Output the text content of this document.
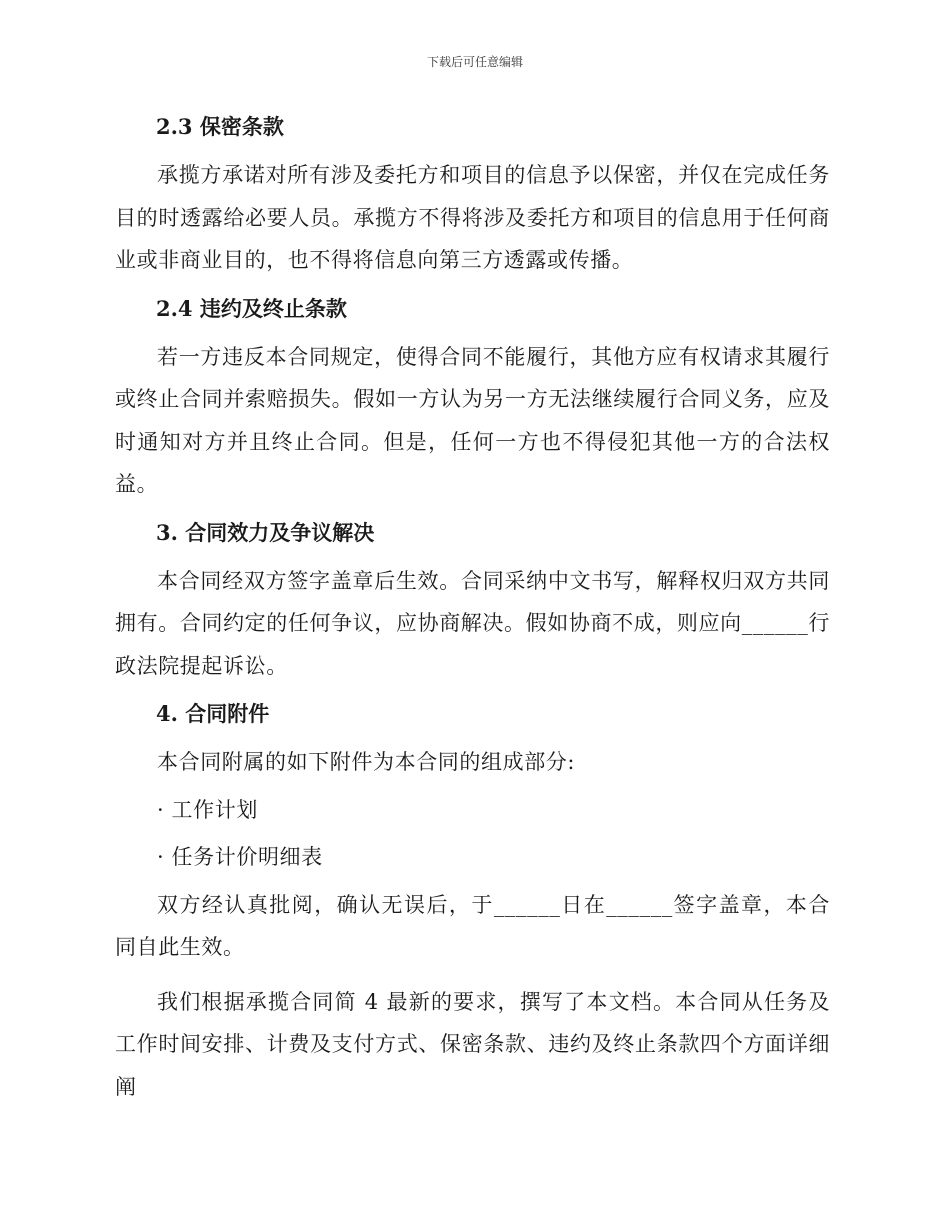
下载后可任意编辑
2.3 保密条款

承揽方承诺对所有涉及委托方和项目的信息予以保密，并仅在完成任务目的时透露给必要人员。承揽方不得将涉及委托方和项目的信息用于任何商业或非商业目的，也不得将信息向第三方透露或传播。

2.4 违约及终止条款

若一方违反本合同规定，使得合同不能履行，其他方应有权请求其履行或终止合同并索赔损失。假如一方认为另一方无法继续履行合同义务，应及时通知对方并且终止合同。但是，任何一方也不得侵犯其他一方的合法权益。

3. 合同效力及争议解决

本合同经双方签字盖章后生效。合同采纳中文书写，解释权归双方共同拥有。合同约定的任何争议，应协商解决。假如协商不成，则应向______行政法院提起诉讼。

4. 合同附件

本合同附属的如下附件为本合同的组成部分:

· 工作计划

· 任务计价明细表

双方经认真批阅，确认无误后，于______日在______签字盖章，本合同自此生效。

我们根据承揽合同简 4 最新的要求，撰写了本文档。本合同从任务及工作时间安排、计费及支付方式、保密条款、违约及终止条款四个方面详细阐
